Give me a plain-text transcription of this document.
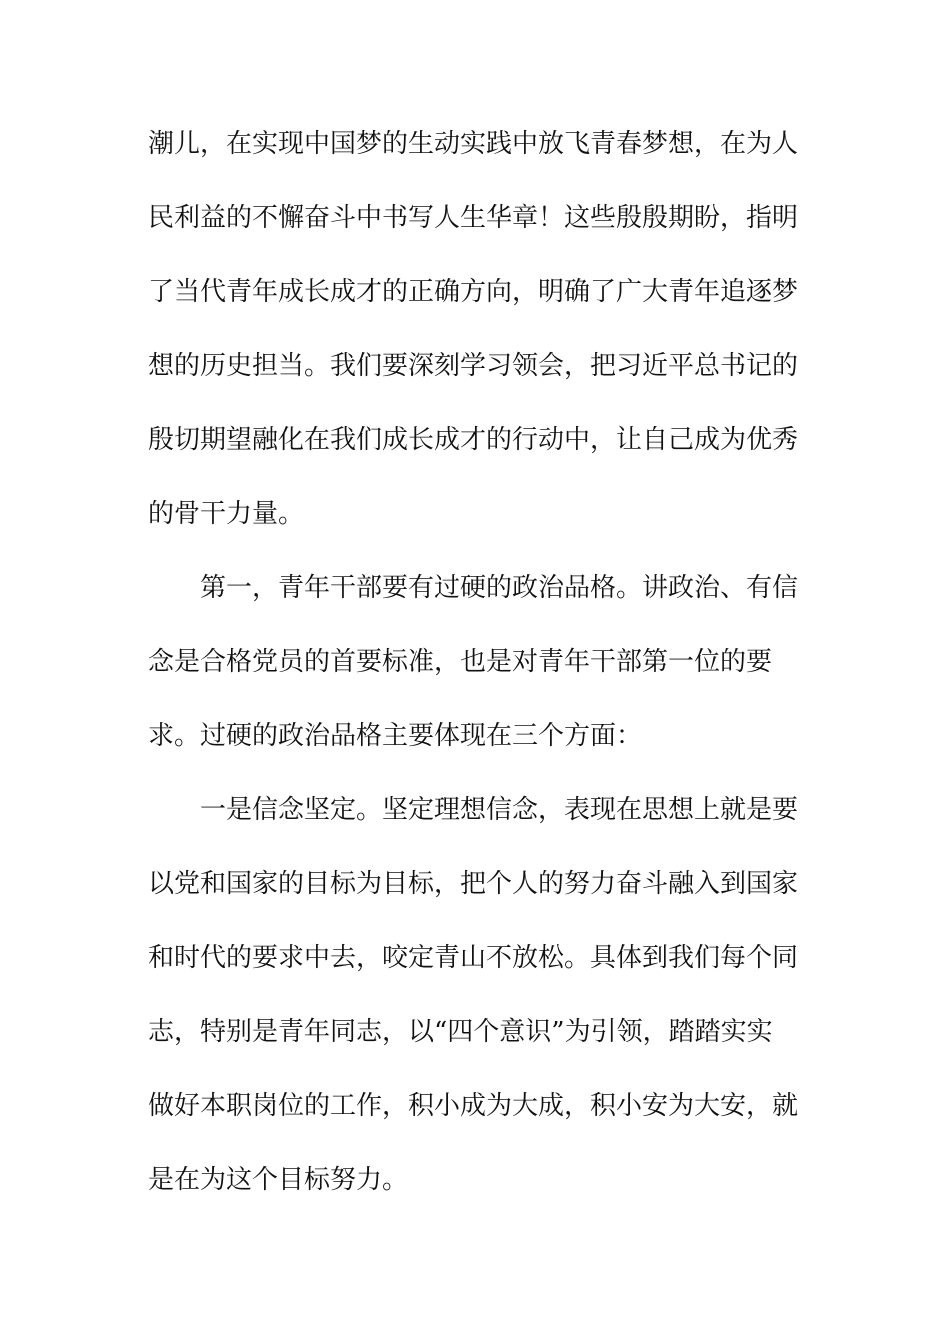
潮儿，在实现中国梦的生动实践中放飞青春梦想，在为人
民利益的不懈奋斗中书写人生华章！这些殷殷期盼，指明
了当代青年成长成才的正确方向，明确了广大青年追逐梦
想的历史担当。我们要深刻学习领会，把习近平总书记的
殷切期望融化在我们成长成才的行动中，让自己成为优秀
的骨干力量。
第一，青年干部要有过硬的政治品格。讲政治、有信
念是合格党员的首要标准，也是对青年干部第一位的要
求。过硬的政治品格主要体现在三个方面：
一是信念坚定。坚定理想信念，表现在思想上就是要
以党和国家的目标为目标，把个人的努力奋斗融入到国家
和时代的要求中去，咬定青山不放松。具体到我们每个同
志，特别是青年同志，以“四个意识”为引领，踏踏实实
做好本职岗位的工作，积小成为大成，积小安为大安，就
是在为这个目标努力。
